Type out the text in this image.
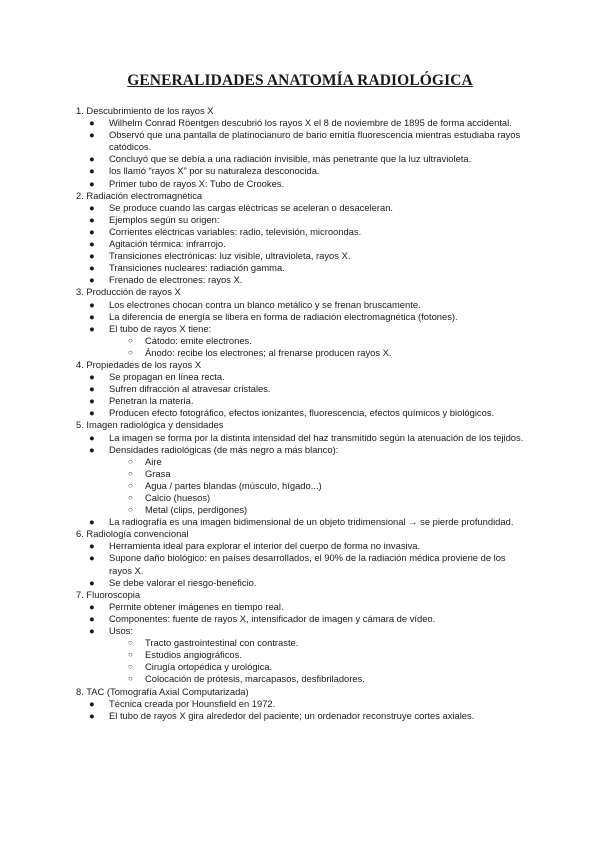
GENERALIDADES ANATOMÍA RADIOLÓGICA
1. Descubrimiento de los rayos X
● Wilhelm Conrad Röentgen descubrió los rayos X el 8 de noviembre de 1895 de forma accidental.
● Observó que una pantalla de platinocianuro de bario emitía fluorescencia mientras estudiaba rayos catódicos.
● Concluyó que se debía a una radiación invisible, más penetrante que la luz ultravioleta.
● los llamó “rayos X” por su naturaleza desconocida.
● Primer tubo de rayos X: Tubo de Crookes.
2. Radiación electromagnética
● Se produce cuando las cargas eléctricas se aceleran o desaceleran.
● Ejemplos según su origen:
● Corrientes eléctricas variables: radio, televisión, microondas.
● Agitación térmica: infrarrojo.
● Transiciones electrónicas: luz visible, ultravioleta, rayos X.
● Transiciones nucleares: radiación gamma.
● Frenado de electrones: rayos X.
3. Producción de rayos X
● Los electrones chocan contra un blanco metálico y se frenan bruscamente.
● La diferencia de energía se libera en forma de radiación electromagnética (fotones).
● El tubo de rayos X tiene:
○ Cátodo: emite electrones.
○ Ánodo: recibe los electrones; al frenarse producen rayos X.
4. Propiedades de los rayos X
● Se propagan en línea recta.
● Sufren difracción al atravesar cristales.
● Penetran la materia.
● Producen efecto fotográfico, efectos ionizantes, fluorescencia, efectos químicos y biológicos.
5. Imagen radiológica y densidades
● La imagen se forma por la distinta intensidad del haz transmitido según la atenuación de los tejidos.
● Densidades radiológicas (de más negro a más blanco):
○ Aire
○ Grasa
○ Agua / partes blandas (músculo, hígado...)
○ Calcio (huesos)
○ Metal (clips, perdigones)
● La radiografía es una imagen bidimensional de un objeto tridimensional → se pierde profundidad.
6. Radiología convencional
● Herramienta ideal para explorar el interior del cuerpo de forma no invasiva.
● Supone daño biológico: en países desarrollados, el 90% de la radiación médica proviene de los rayos X.
● Se debe valorar el riesgo-beneficio.
7. Fluoroscopia
● Permite obtener imágenes en tiempo real.
● Componentes: fuente de rayos X, intensificador de imagen y cámara de vídeo.
● Usos:
○ Tracto gastrointestinal con contraste.
○ Estudios angiográficos.
○ Cirugía ortopédica y urológica.
○ Colocación de prótesis, marcapasos, desfibriladores.
8. TAC (Tomografía Axial Computarizada)
● Técnica creada por Hounsfield en 1972.
● El tubo de rayos X gira alrededor del paciente; un ordenador reconstruye cortes axiales.
